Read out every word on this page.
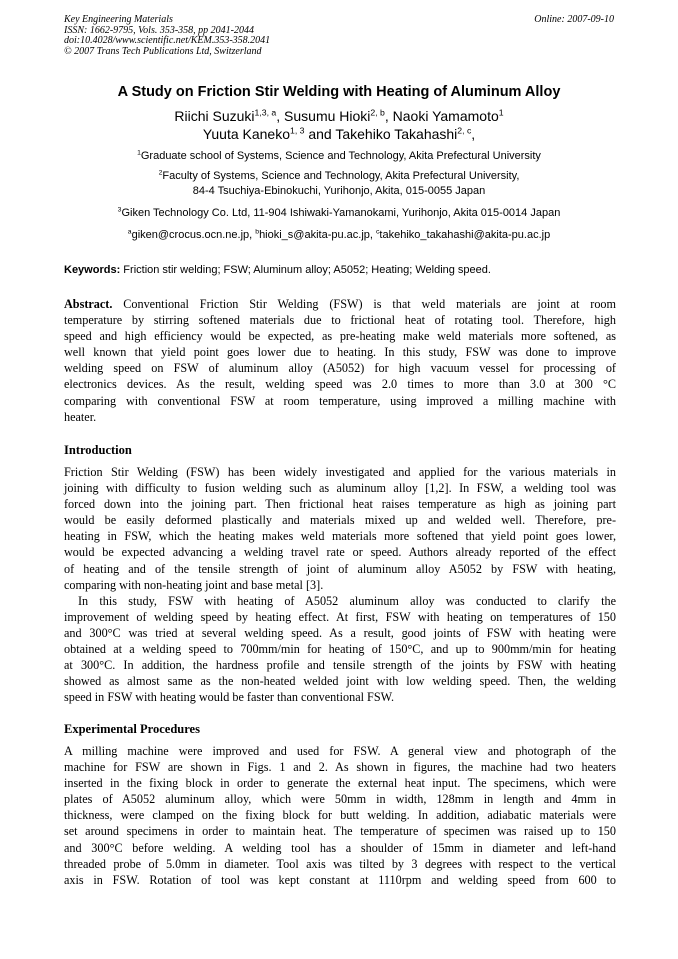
Key Engineering Materials
ISSN: 1662-9795, Vols. 353-358, pp 2041-2044
doi:10.4028/www.scientific.net/KEM.353-358.2041
© 2007 Trans Tech Publications Ltd, Switzerland
Online: 2007-09-10
A Study on Friction Stir Welding with Heating of Aluminum Alloy
Riichi Suzuki$^{1,3, a}$, Susumu Hioki$^{2, b}$, Naoki Yamamoto$^1$
Yuuta Kaneko$^{1, 3}$ and Takehiko Takahashi$^{2, c}$,
$^1$Graduate school of Systems, Science and Technology, Akita Prefectural University
$^2$Faculty of Systems, Science and Technology, Akita Prefectural University,
84-4 Tsuchiya-Ebinokuchi, Yurihonjo, Akita, 015-0055 Japan
$^3$Giken Technology Co. Ltd, 11-904 Ishiwaki-Yamanokami, Yurihonjo, Akita 015-0014 Japan
$^a$giken@crocus.ocn.ne.jp, $^b$hioki_s@akita-pu.ac.jp, $^c$takehiko_takahashi@akita-pu.ac.jp
Keywords: Friction stir welding; FSW; Aluminum alloy; A5052; Heating; Welding speed.
Abstract. Conventional Friction Stir Welding (FSW) is that weld materials are joint at room
temperature by stirring softened materials due to frictional heat of rotating tool. Therefore, high
speed and high efficiency would be expected, as pre-heating make weld materials more softened, as
well known that yield point goes lower due to heating. In this study, FSW was done to improve
welding speed on FSW of aluminum alloy (A5052) for high vacuum vessel for processing of
electronics devices. As the result, welding speed was 2.0 times to more than 3.0 at 300 °C
comparing with conventional FSW at room temperature, using improved a milling machine with
heater.
Introduction
Friction Stir Welding (FSW) has been widely investigated and applied for the various materials in
joining with difficulty to fusion welding such as aluminum alloy [1,2]. In FSW, a welding tool was
forced down into the joining part. Then frictional heat raises temperature as high as joining part
would be easily deformed plastically and materials mixed up and welded well. Therefore, pre-
heating in FSW, which the heating makes weld materials more softened that yield point goes lower,
would be expected advancing a welding travel rate or speed. Authors already reported of the effect
of heating and of the tensile strength of joint of aluminum alloy A5052 by FSW with heating,
comparing with non-heating joint and base metal [3].
In this study, FSW with heating of A5052 aluminum alloy was conducted to clarify the
improvement of welding speed by heating effect. At first, FSW with heating on temperatures of 150
and 300°C was tried at several welding speed. As a result, good joints of FSW with heating were
obtained at a welding speed to 700mm/min for heating of 150°C, and up to 900mm/min for heating
at 300°C. In addition, the hardness profile and tensile strength of the joints by FSW with heating
showed as almost same as the non-heated welded joint with low welding speed. Then, the welding
speed in FSW with heating would be faster than conventional FSW.
Experimental Procedures
A milling machine were improved and used for FSW. A general view and photograph of the
machine for FSW are shown in Figs. 1 and 2. As shown in figures, the machine had two heaters
inserted in the fixing block in order to generate the external heat input. The specimens, which were
plates of A5052 aluminum alloy, which were 50mm in width, 128mm in length and 4mm in
thickness, were clamped on the fixing block for butt welding. In addition, adiabatic materials were
set around specimens in order to maintain heat. The temperature of specimen was raised up to 150
and 300°C before welding. A welding tool has a shoulder of 15mm in diameter and left-hand
threaded probe of 5.0mm in diameter. Tool axis was tilted by 3 degrees with respect to the vertical
axis in FSW. Rotation of tool was kept constant at 1110rpm and welding speed from 600 to
